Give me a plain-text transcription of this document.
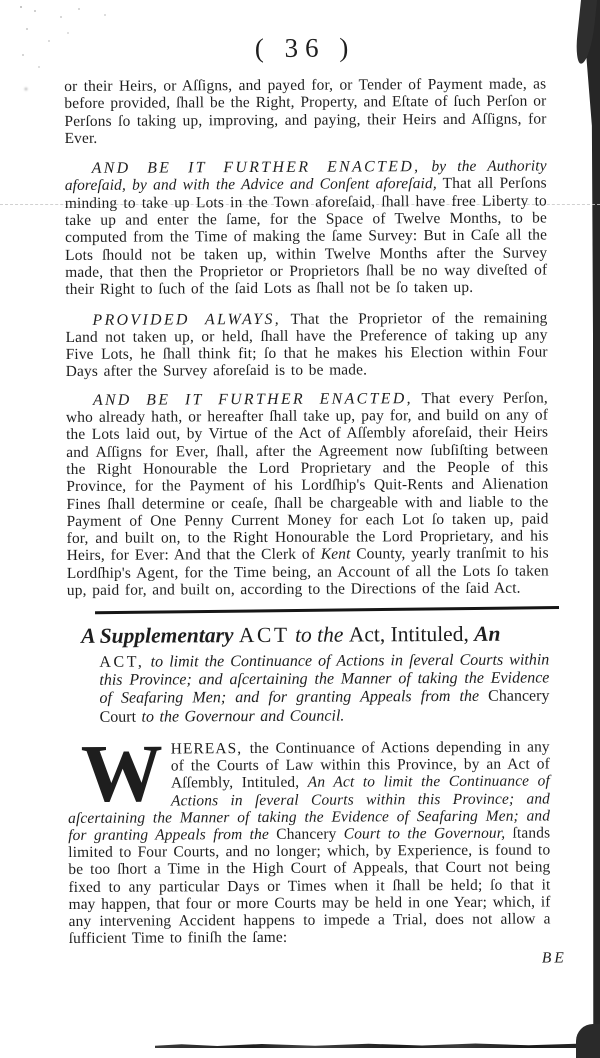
( 36 )

or their Heirs, or Aſſigns, and payed for, or Tender of Payment made, as before provided, ſhall be the Right, Property, and Eſtate of ſuch Perſon or Perſons ſo taking up, improving, and paying, their Heirs and Aſſigns, for Ever.

AND BE IT FURTHER ENACTED, by the Authority aforeſaid, by and with the Advice and Conſent aforeſaid, That all Perſons minding to take up Lots in the Town aforeſaid, ſhall have free Liberty to take up and enter the ſame, for the Space of Twelve Months, to be computed from the Time of making the ſame Survey: But in Caſe all the Lots ſhould not be taken up, within Twelve Months after the Survey made, that then the Proprietor or Proprietors ſhall be no way diveſted of their Right to ſuch of the ſaid Lots as ſhall not be ſo taken up.

PROVIDED ALWAYS, That the Proprietor of the remaining Land not taken up, or held, ſhall have the Preference of taking up any Five Lots, he ſhall think fit; ſo that he makes his Election within Four Days after the Survey aforeſaid is to be made.

AND BE IT FURTHER ENACTED, That every Perſon, who already hath, or hereafter ſhall take up, pay for, and build on any of the Lots laid out, by Virtue of the Act of Aſſembly aforeſaid, their Heirs and Aſſigns for Ever, ſhall, after the Agreement now ſubſiſting between the Right Honourable the Lord Proprietary and the People of this Province, for the Payment of his Lordſhip's Quit-Rents and Alienation Fines ſhall determine or ceaſe, ſhall be chargeable with and liable to the Payment of One Penny Current Money for each Lot ſo taken up, paid for, and built on, to the Right Honourable the Lord Proprietary, and his Heirs, for Ever: And that the Clerk of Kent County, yearly tranſmit to his Lordſhip's Agent, for the Time being, an Account of all the Lots ſo taken up, paid for, and built on, according to the Directions of the ſaid Act.

A Supplementary ACT to the Act, Intituled, An
ACT, to limit the Continuance of Actions in ſeveral Courts within this Province; and aſcertaining the Manner of taking the Evidence of Seafaring Men; and for granting Appeals from the Chancery Court to the Governour and Council.

WHEREAS, the Continuance of Actions depending in any of the Courts of Law within this Province, by an Act of Aſſembly, Intituled, An Act to limit the Continuance of Actions in ſeveral Courts within this Province; and aſcertaining the Manner of taking the Evidence of Seafaring Men; and for granting Appeals from the Chancery Court to the Governour, ſtands limited to Four Courts, and no longer; which, by Experience, is found to be too ſhort a Time in the High Court of Appeals, that Court not being fixed to any particular Days or Times when it ſhall be held; ſo that it may happen, that four or more Courts may be held in one Year; which, if any intervening Accident happens to impede a Trial, does not allow a ſufficient Time to finiſh the ſame:

BE
